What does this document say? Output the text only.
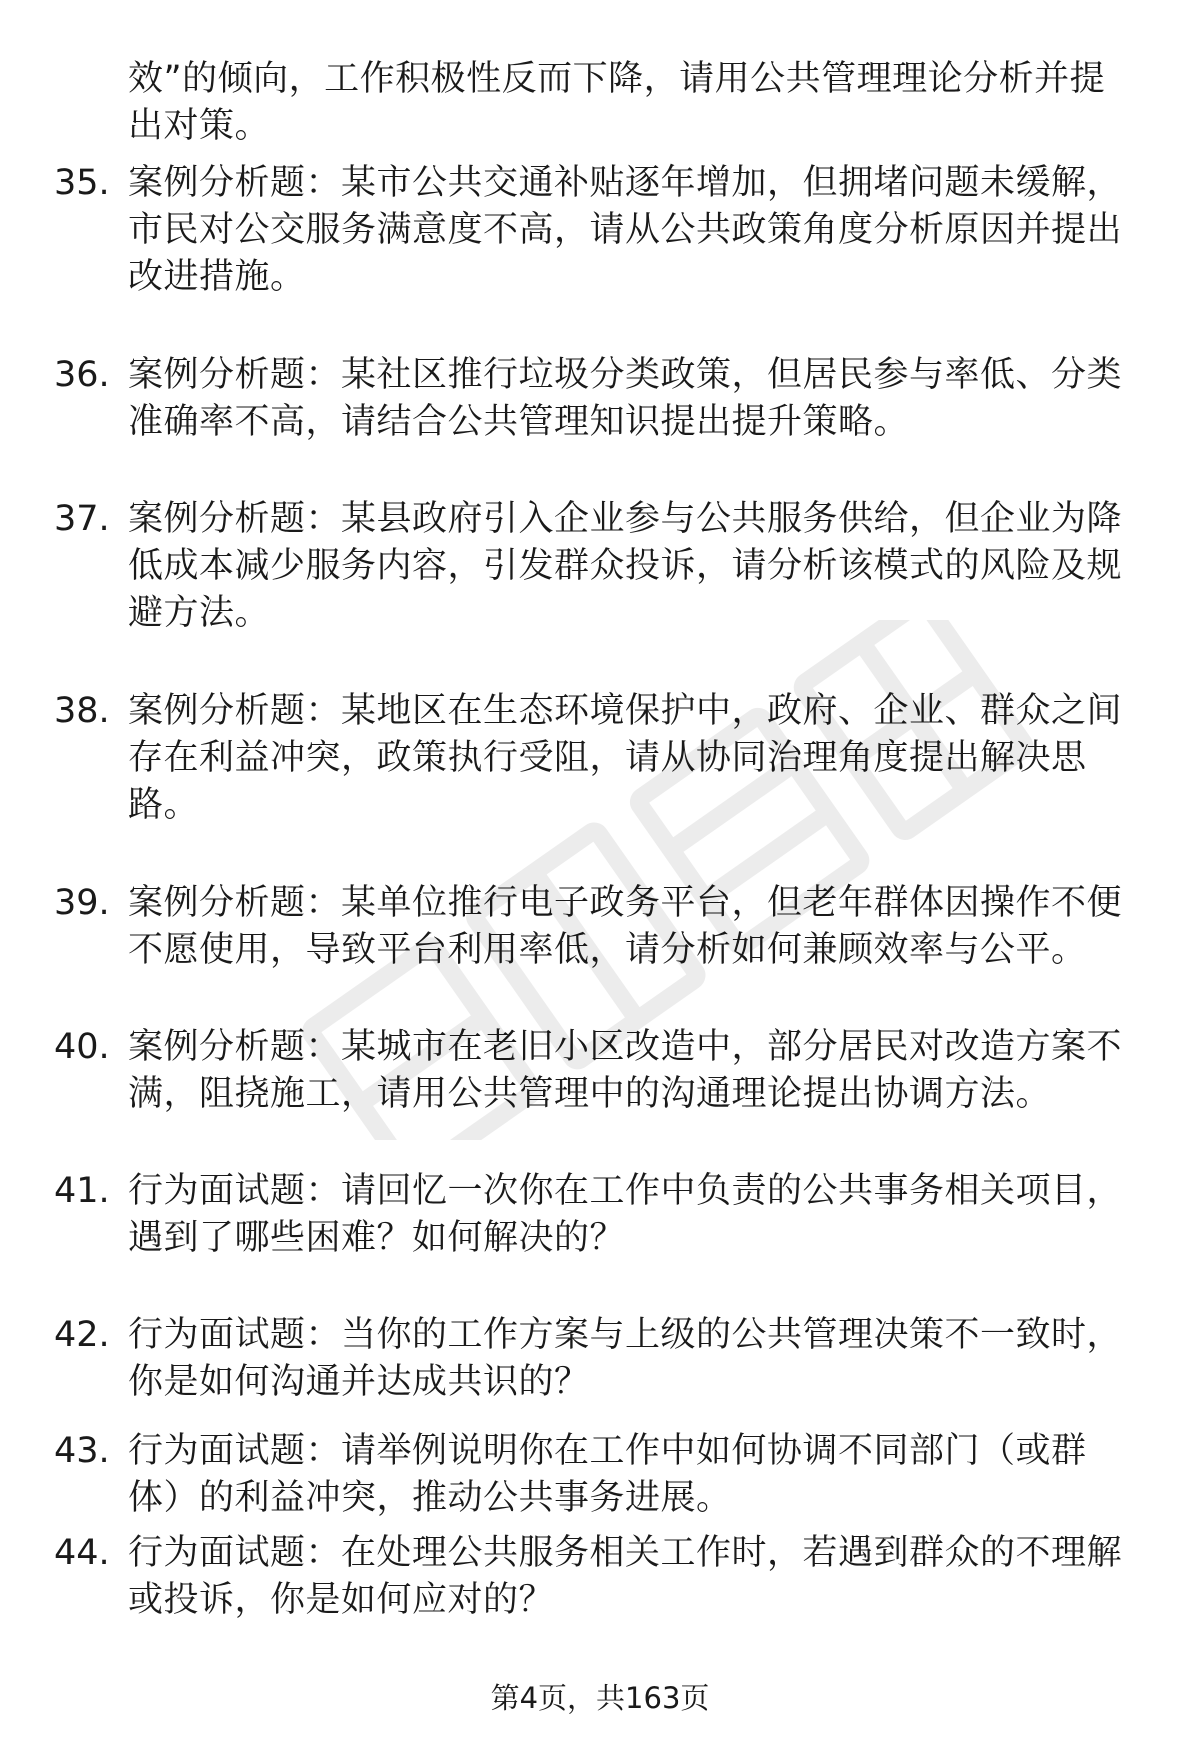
效”的倾向，工作积极性反而下降，请用公共管理理论分析并提出对策。
35. 案例分析题：某市公共交通补贴逐年增加，但拥堵问题未缓解，市民对公交服务满意度不高，请从公共政策角度分析原因并提出改进措施。
36. 案例分析题：某社区推行垃圾分类政策，但居民参与率低、分类准确率不高，请结合公共管理知识提出提升策略。
37. 案例分析题：某县政府引入企业参与公共服务供给，但企业为降低成本减少服务内容，引发群众投诉，请分析该模式的风险及规避方法。
38. 案例分析题：某地区在生态环境保护中，政府、企业、群众之间存在利益冲突，政策执行受阻，请从协同治理角度提出解决思路。
39. 案例分析题：某单位推行电子政务平台，但老年群体因操作不便不愿使用，导致平台利用率低，请分析如何兼顾效率与公平。
40. 案例分析题：某城市在老旧小区改造中，部分居民对改造方案不满，阻挠施工，请用公共管理中的沟通理论提出协调方法。
41. 行为面试题：请回忆一次你在工作中负责的公共事务相关项目，遇到了哪些困难？如何解决的？
42. 行为面试题：当你的工作方案与上级的公共管理决策不一致时，你是如何沟通并达成共识的？
43. 行为面试题：请举例说明你在工作中如何协调不同部门（或群体）的利益冲突，推动公共事务进展。
44. 行为面试题：在处理公共服务相关工作时，若遇到群众的不理解或投诉，你是如何应对的？
第4页，共163页
